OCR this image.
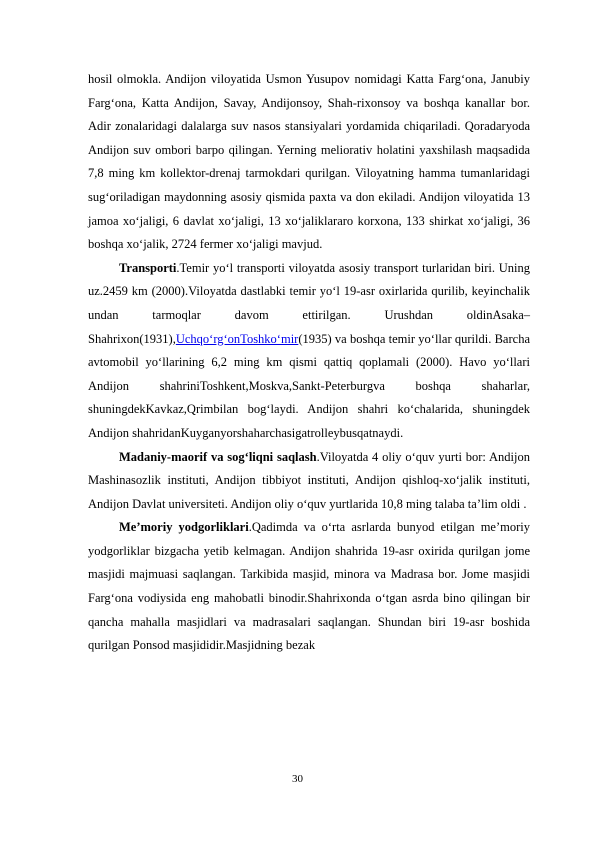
hosil olmokla. Andijon viloyatida Usmon Yusupov nomidagi Katta Farg‘ona, Janubiy Farg‘ona, Katta Andijon, Savay, Andijonsoy, Shah-rixonsoy va boshqa kanallar bor. Adir zonalaridagi dalalarga suv nasos stansiyalari yordamida chiqariladi. Qoradaryoda Andijon suv ombori barpo qilingan. Yerning meliorativ holatini yaxshilash maqsadida 7,8 ming km kollektor-drenaj tarmokdari qurilgan. Viloyatning hamma tumanlaridagi sug‘oriladigan maydonning asosiy qismida paxta va don ekiladi. Andijon viloyatida 13 jamoa xo‘jaligi, 6 davlat xo‘jaligi, 13 xo‘jaliklararo korxona, 133 shirkat xo‘jaligi, 36 boshqa xo‘jalik, 2724 fermer xo‘jaligi mavjud.

Transporti.Temir yo‘l transporti viloyatda asosiy transport turlaridan biri. Uning uz.2459 km (2000).Viloyatda dastlabki temir yo‘l 19-asr oxirlarida qurilib, keyinchalik undan tarmoqlar davom ettirilgan. Urushdan oldinAsaka–Shahrixon(1931),Uchqo‘rg‘onToshko‘mir(1935) va boshqa temir yo‘llar qurildi. Barcha avtomobil yo‘llarining 6,2 ming km qismi qattiq qoplamali (2000). Havo yo‘llari Andijon shahriniToshkent,Moskva,Sankt-Peterburgva boshqa shaharlar, shuningdekKavkaz,Qrimbilan bog‘laydi. Andijon shahri ko‘chalarida, shuningdek Andijon shahridanKuyganyorshaharchasigatrolleybusqatnaydi.

Madaniy-maorif va sog‘liqni saqlash.Viloyatda 4 oliy o‘quv yurti bor: Andijon Mashinasozlik instituti, Andijon tibbiyot instituti, Andijon qishloq-xo‘jalik instituti, Andijon Davlat universiteti. Andijon oliy o‘quv yurtlarida 10,8 ming talaba ta’lim oldi .

Me’moriy yodgorliklari.Qadimda va o‘rta asrlarda bunyod etilgan me’moriy yodgorliklar bizgacha yetib kelmagan. Andijon shahrida 19-asr oxirida qurilgan jome masjidi majmuasi saqlangan. Tarkibida masjid, minora va Madrasa bor. Jome masjidi Farg‘ona vodiysida eng mahobatli binodir.Shahrixonda o‘tgan asrda bino qilingan bir qancha mahalla masjidlari va madrasalari saqlangan. Shundan biri 19-asr boshida qurilgan Ponsod masjididir.Masjidning bezak

30
